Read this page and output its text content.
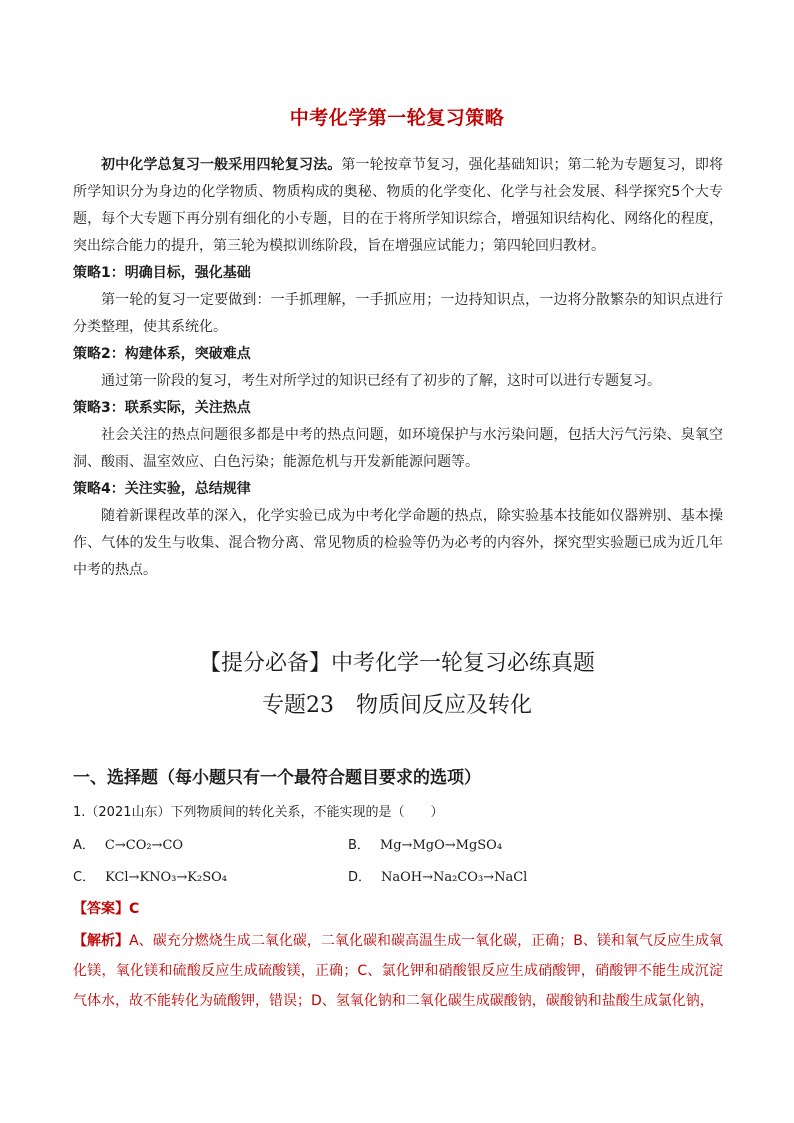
中考化学第一轮复习策略

初中化学总复习一般采用四轮复习法。第一轮按章节复习，强化基础知识；第二轮为专题复习，即将所学知识分为身边的化学物质、物质构成的奥秘、物质的化学变化、化学与社会发展、科学探究5个大专题，每个大专题下再分别有细化的小专题，目的在于将所学知识综合，增强知识结构化、网络化的程度，突出综合能力的提升，第三轮为模拟训练阶段，旨在增强应试能力；第四轮回归教材。

策略1：明确目标，强化基础

第一轮的复习一定要做到：一手抓理解，一手抓应用；一边持知识点，一边将分散繁杂的知识点进行分类整理，使其系统化。

策略2：构建体系，突破难点

通过第一阶段的复习，考生对所学过的知识已经有了初步的了解，这时可以进行专题复习。

策略3：联系实际，关注热点

社会关注的热点问题很多都是中考的热点问题，如环境保护与水污染问题，包括大污气污染、臭氧空洞、酸雨、温室效应、白色污染；能源危机与开发新能源问题等。

策略4：关注实验，总结规律

随着新课程改革的深入，化学实验已成为中考化学命题的热点，除实验基本技能如仪器辨别、基本操作、气体的发生与收集、混合物分离、常见物质的检验等仍为必考的内容外，探究型实验题已成为近几年中考的热点。

【提分必备】中考化学一轮复习必练真题
专题23　物质间反应及转化
一、选择题（每小题只有一个最符合题目要求的选项）
1.（2021山东）下列物质间的转化关系，不能实现的是（　　）
A． C→CO₂→CO	B． Mg→MgO→MgSO₄
C． KCl→KNO₃→K₂SO₄	D． NaOH→Na₂CO₃→NaCl
【答案】C
【解析】A、碳充分燃烧生成二氧化碳，二氧化碳和碳高温生成一氧化碳，正确；B、镁和氧气反应生成氧化镁，氧化镁和硫酸反应生成硫酸镁，正确；C、氯化钾和硝酸银反应生成硝酸钾，硝酸钾不能生成沉淀气体水，故不能转化为硫酸钾，错误；D、氢氧化钠和二氧化碳生成碳酸钠，碳酸钠和盐酸生成氯化钠，
